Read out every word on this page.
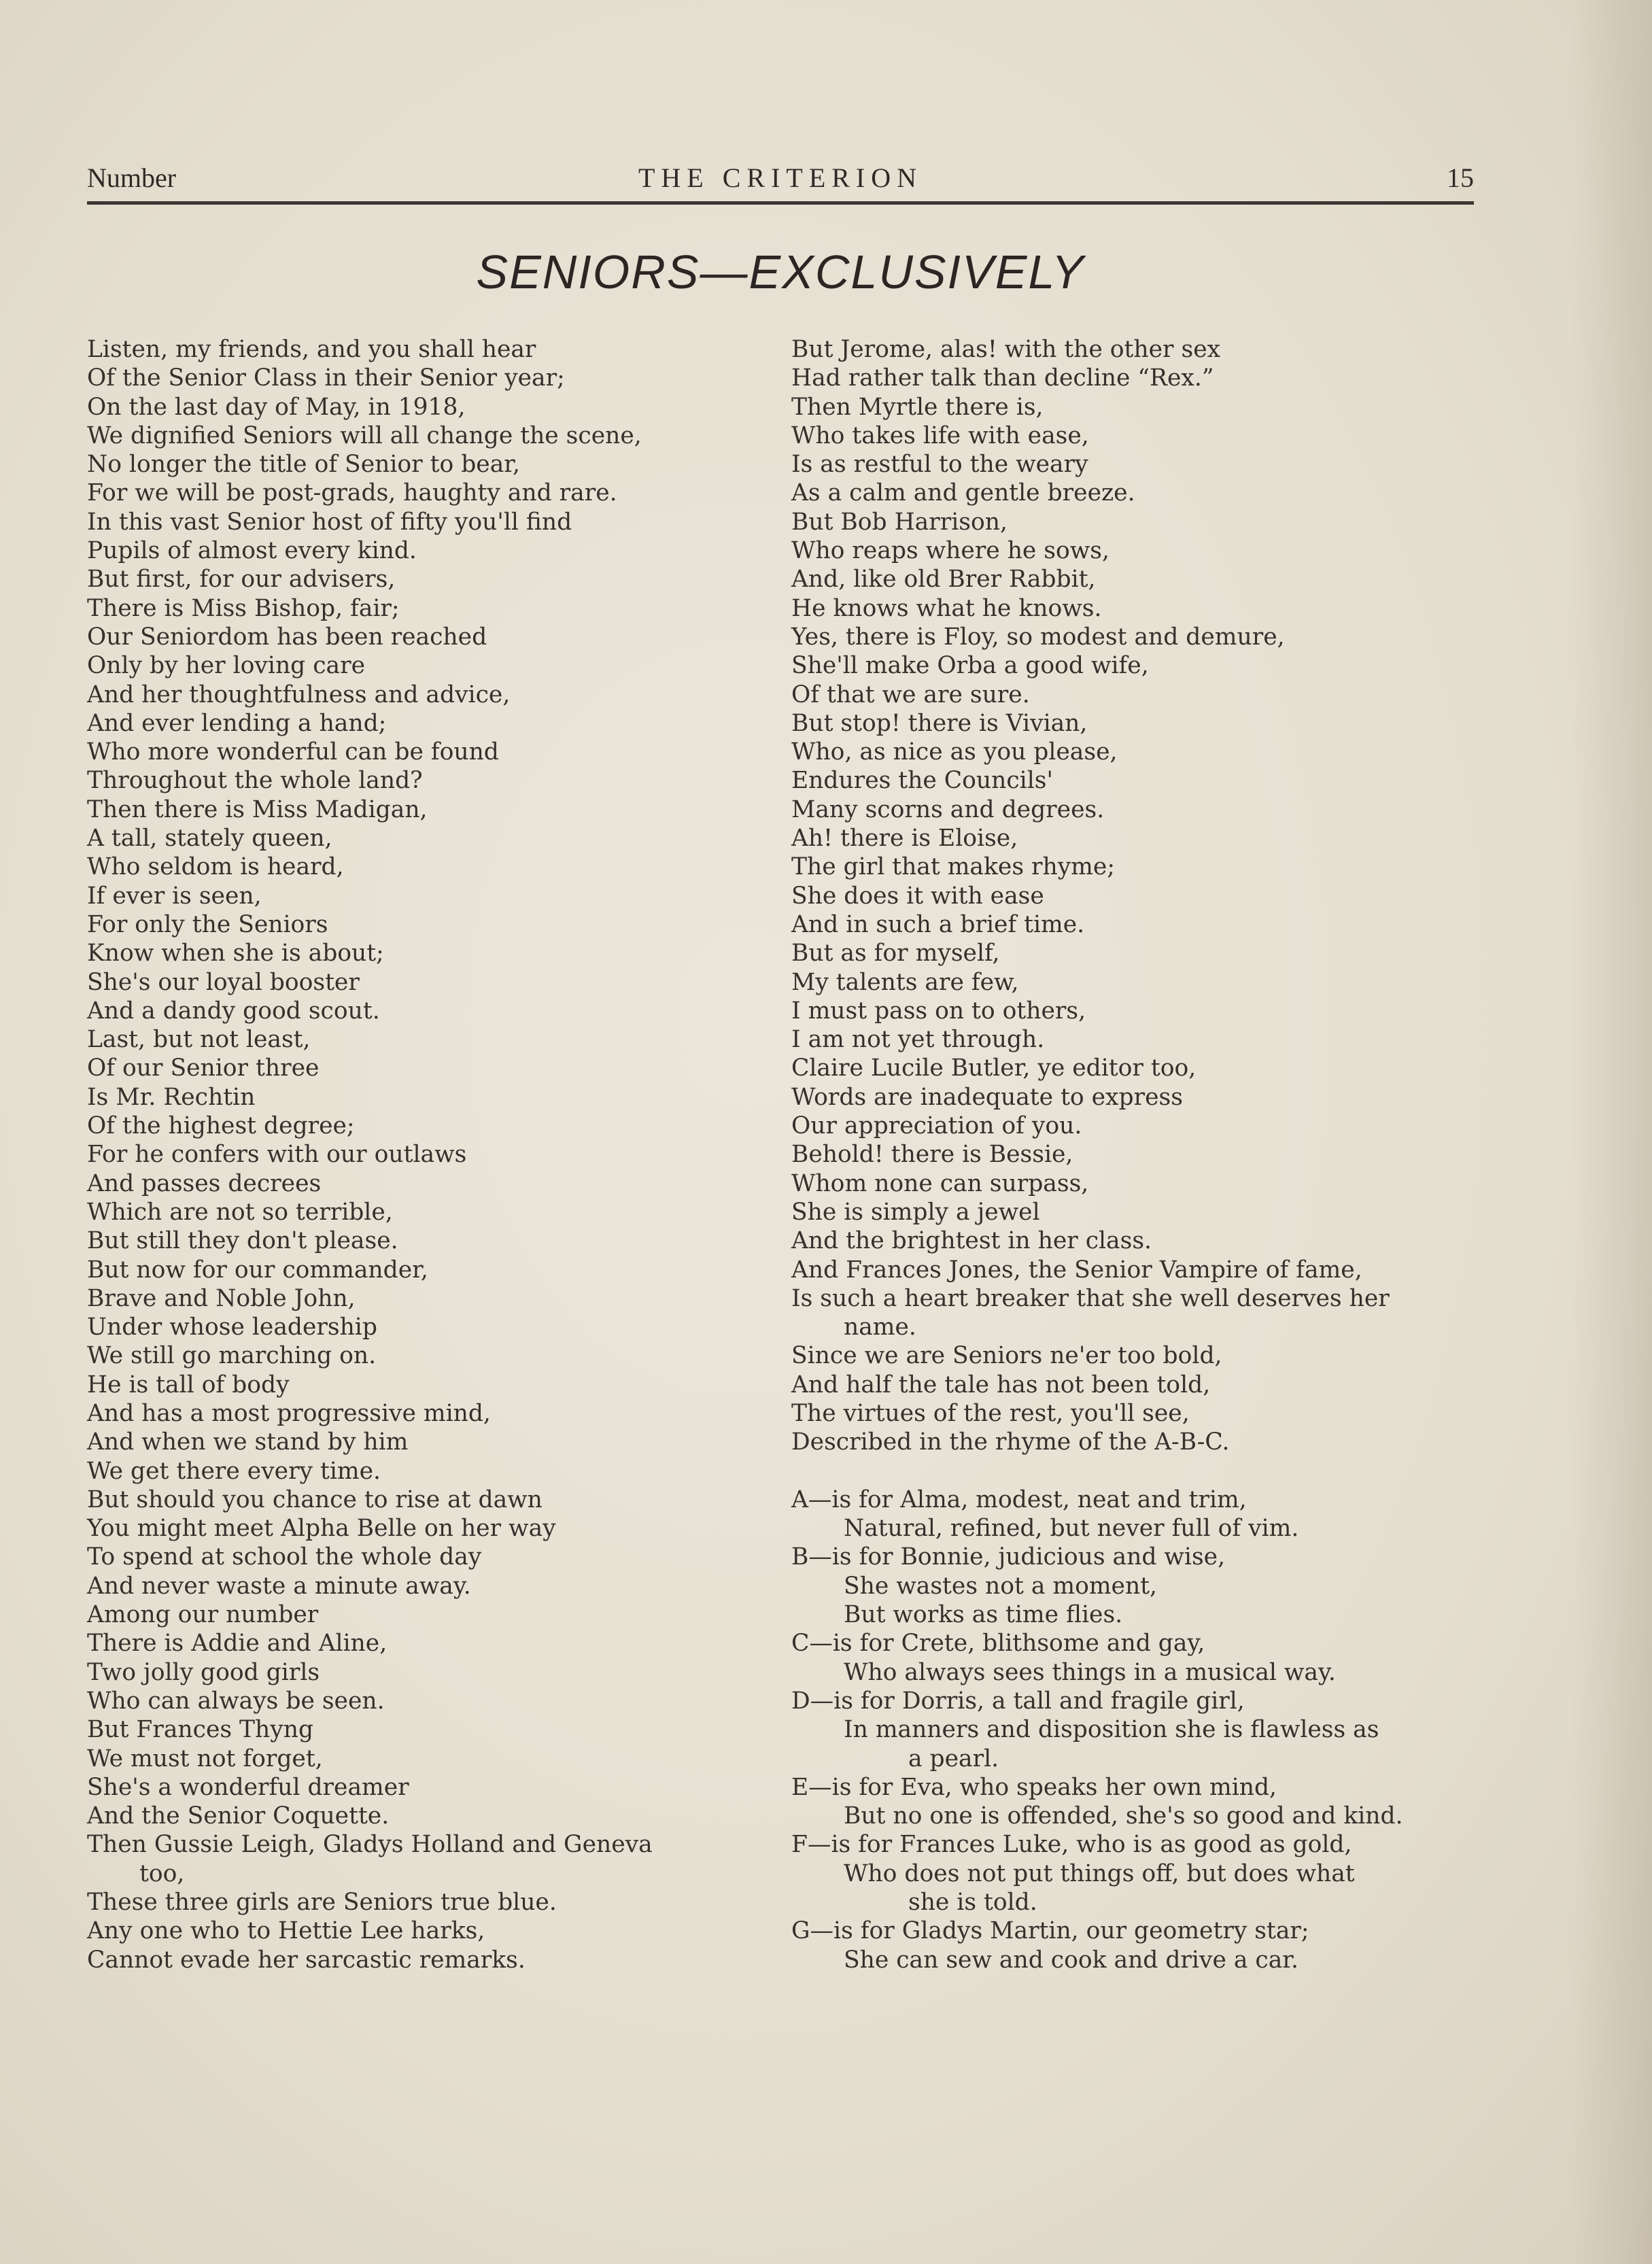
Number	THE CRITERION	15
SENIORS—EXCLUSIVELY
Listen, my friends, and you shall hear
Of the Senior Class in their Senior year;
On the last day of May, in 1918,
We dignified Seniors will all change the scene,
No longer the title of Senior to bear,
For we will be post-grads, haughty and rare.
In this vast Senior host of fifty you'll find
Pupils of almost every kind.
But first, for our advisers,
There is Miss Bishop, fair;
Our Seniordom has been reached
Only by her loving care
And her thoughtfulness and advice,
And ever lending a hand;
Who more wonderful can be found
Throughout the whole land?
Then there is Miss Madigan,
A tall, stately queen,
Who seldom is heard,
If ever is seen,
For only the Seniors
Know when she is about;
She's our loyal booster
And a dandy good scout.
Last, but not least,
Of our Senior three
Is Mr. Rechtin
Of the highest degree;
For he confers with our outlaws
And passes decrees
Which are not so terrible,
But still they don't please.
But now for our commander,
Brave and Noble John,
Under whose leadership
We still go marching on.
He is tall of body
And has a most progressive mind,
And when we stand by him
We get there every time.
But should you chance to rise at dawn
You might meet Alpha Belle on her way
To spend at school the whole day
And never waste a minute away.
Among our number
There is Addie and Aline,
Two jolly good girls
Who can always be seen.
But Frances Thyng
We must not forget,
She's a wonderful dreamer
And the Senior Coquette.
Then Gussie Leigh, Gladys Holland and Geneva
too,
These three girls are Seniors true blue.
Any one who to Hettie Lee harks,
Cannot evade her sarcastic remarks.
But Jerome, alas! with the other sex
Had rather talk than decline “Rex.”
Then Myrtle there is,
Who takes life with ease,
Is as restful to the weary
As a calm and gentle breeze.
But Bob Harrison,
Who reaps where he sows,
And, like old Brer Rabbit,
He knows what he knows.
Yes, there is Floy, so modest and demure,
She'll make Orba a good wife,
Of that we are sure.
But stop! there is Vivian,
Who, as nice as you please,
Endures the Councils'
Many scorns and degrees.
Ah! there is Eloise,
The girl that makes rhyme;
She does it with ease
And in such a brief time.
But as for myself,
My talents are few,
I must pass on to others,
I am not yet through.
Claire Lucile Butler, ye editor too,
Words are inadequate to express
Our appreciation of you.
Behold! there is Bessie,
Whom none can surpass,
She is simply a jewel
And the brightest in her class.
And Frances Jones, the Senior Vampire of fame,
Is such a heart breaker that she well deserves her
name.
Since we are Seniors ne'er too bold,
And half the tale has not been told,
The virtues of the rest, you'll see,
Described in the rhyme of the A-B-C.
A—is for Alma, modest, neat and trim,
Natural, refined, but never full of vim.
B—is for Bonnie, judicious and wise,
She wastes not a moment,
But works as time flies.
C—is for Crete, blithsome and gay,
Who always sees things in a musical way.
D—is for Dorris, a tall and fragile girl,
In manners and disposition she is flawless as
a pearl.
E—is for Eva, who speaks her own mind,
But no one is offended, she's so good and kind.
F—is for Frances Luke, who is as good as gold,
Who does not put things off, but does what
she is told.
G—is for Gladys Martin, our geometry star;
She can sew and cook and drive a car.
